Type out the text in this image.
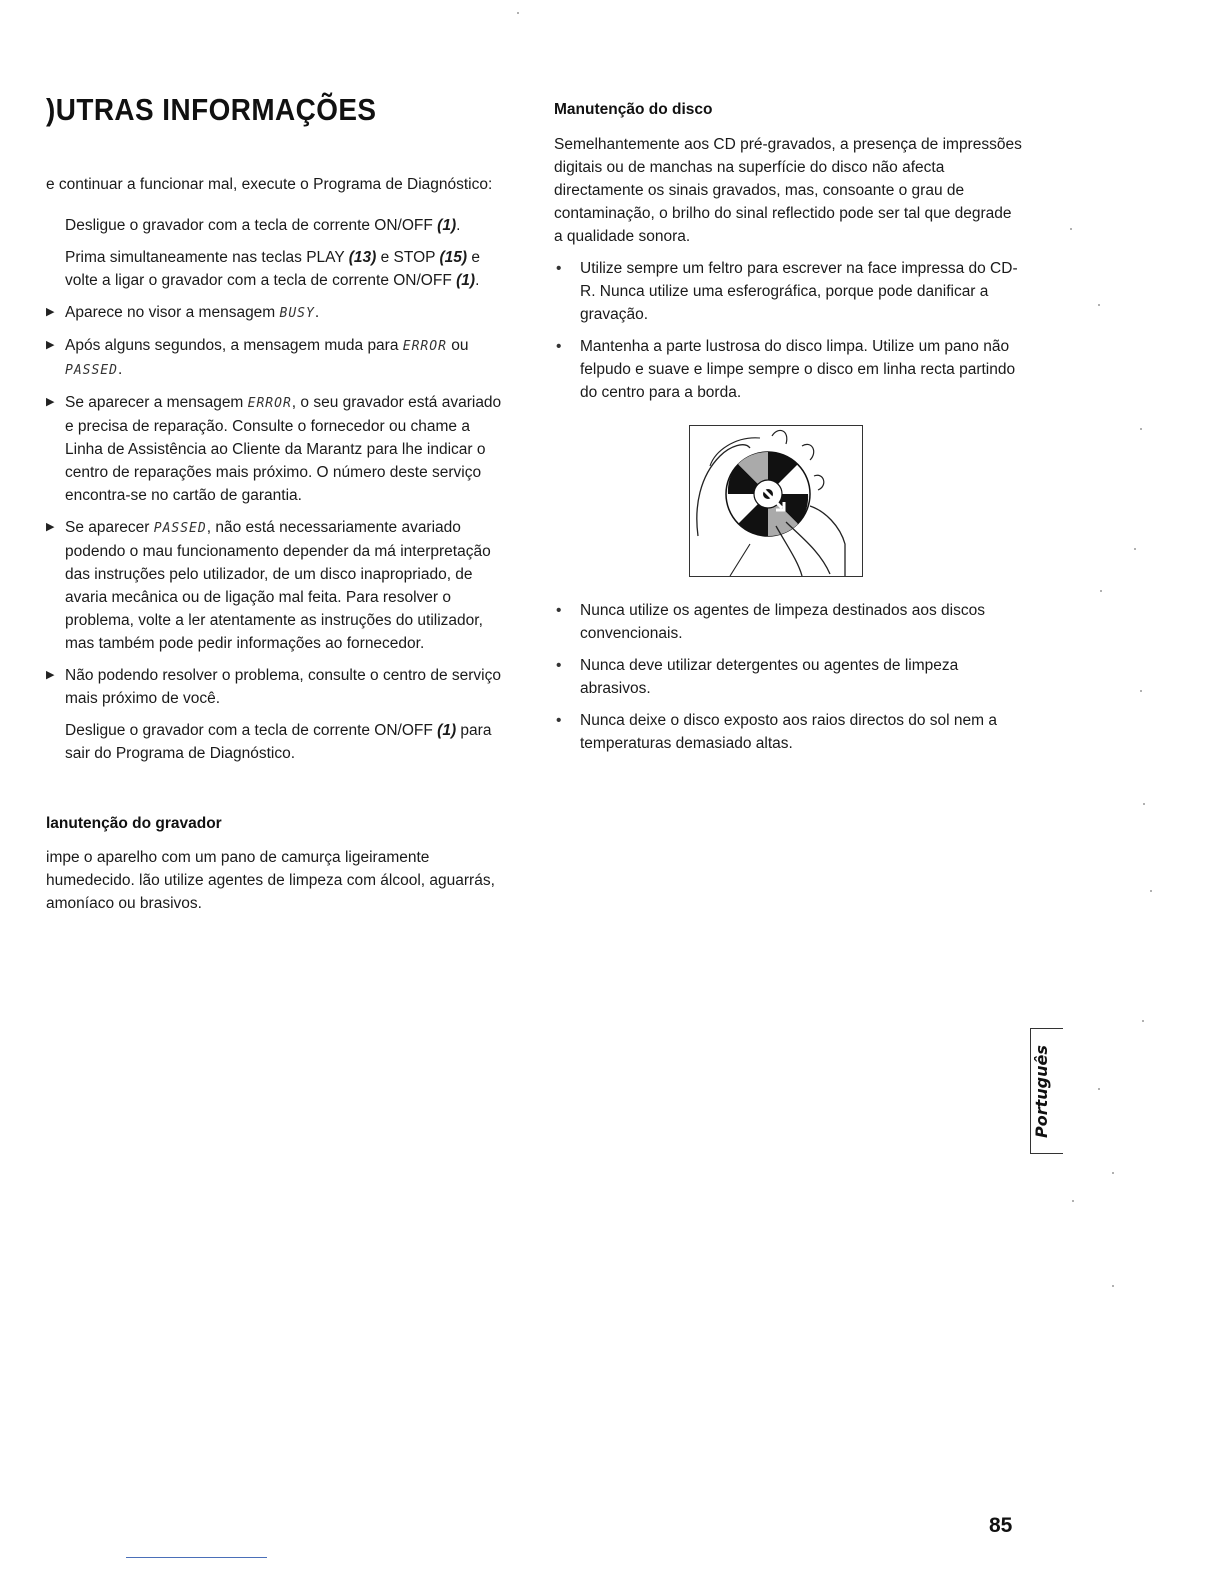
)UTRAS INFORMAÇÕES

e continuar a funcionar mal, execute o Programa de Diagnóstico:

Desligue o gravador com a tecla de corrente ON/OFF (1).

Prima simultaneamente nas teclas PLAY (13) e STOP (15) e volte a ligar o gravador com a tecla de corrente ON/OFF (1).

▶ Aparece no visor a mensagem BUSY.
▶ Após alguns segundos, a mensagem muda para ERROR ou
PASSED.
▶ Se aparecer a mensagem ERROR, o seu gravador está avariado e precisa de reparação. Consulte o fornecedor ou chame a Linha de Assistência ao Cliente da Marantz para lhe indicar o centro de reparações mais próximo. O número deste serviço encontra-se no cartão de garantia.
▶ Se aparecer PASSED, não está necessariamente avariado podendo o mau funcionamento depender da má interpretação das instruções pelo utilizador, de um disco inapropriado, de avaria mecânica ou de ligação mal feita. Para resolver o problema, volte a ler atentamente as instruções do utilizador, mas também pode pedir informações ao fornecedor.
▶ Não podendo resolver o problema, consulte o centro de serviço mais próximo de você.

Desligue o gravador com a tecla de corrente ON/OFF (1) para sair do Programa de Diagnóstico.

lanutenção do gravador

impe o aparelho com um pano de camurça ligeiramente humedecido. lão utilize agentes de limpeza com álcool, aguarrás, amoníaco ou brasivos.

Manutenção do disco

Semelhantemente aos CD pré-gravados, a presença de impressões digitais ou de manchas na superfície do disco não afecta directamente os sinais gravados, mas, consoante o grau de contaminação, o brilho do sinal reflectido pode ser tal que degrade a qualidade sonora.

• Utilize sempre um feltro para escrever na face impressa do CD-R. Nunca utilize uma esferográfica, porque pode danificar a gravação.
• Mantenha a parte lustrosa do disco limpa. Utilize um pano não felpudo e suave e limpe sempre o disco em linha recta partindo do centro para a borda.
• Nunca utilize os agentes de limpeza destinados aos discos convencionais.
• Nunca deve utilizar detergentes ou agentes de limpeza abrasivos.
• Nunca deixe o disco exposto aos raios directos do sol nem a temperaturas demasiado altas.
Português
85
